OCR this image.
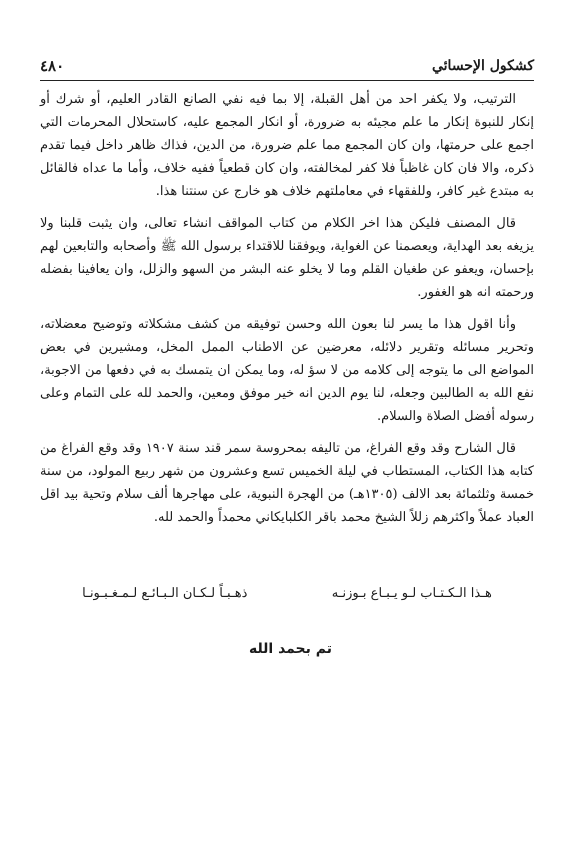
٤٨٠	كشكول الإحسائي

الترتيب، ولا يكفر احد من أهل القبلة، إلا بما فيه نفي الصانع القادر العليم، أو شرك أو إنكار للنبوة إنكار ما علم مجيئه به ضرورة، أو انكار المجمع عليه، كاستحلال المحرمات التي اجمع على حرمتها، وان كان المجمع مما علم ضرورة، من الدين، فذاك ظاهر داخل فيما تقدم ذكره، والا فان كان غاظباً فلا كفر لمخالفته، وان كان قطعياً ففيه خلاف، وأما ما عداه فالقائل به مبتدع غير كافر، وللفقهاء في معاملتهم خلاف هو خارج عن سنتنا هذا.

قال المصنف فليكن هذا اخر الكلام من كتاب المواقف انشاء تعالى، وان يثبت قلبنا ولا يزيغه بعد الهداية، ويعصمنا عن الغواية، ويوفقنا للاقتداء برسول الله ﷺ وأصحابه والتابعين لهم بإحسان، ويعفو عن طغيان القلم وما لا يخلو عنه البشر من السهو والزلل، وان يعافينا بفضله ورحمته انه هو الغفور.

وأنا اقول هذا ما يسر لنا بعون الله وحسن توفيقه من كشف مشكلاته وتوضيح معضلاته، وتحرير مسائله وتقرير دلائله، معرضين عن الاطناب الممل المخل، ومشيرين في بعض المواضع الى ما يتوجه إلى كلامه من لا سؤ له، وما يمكن ان يتمسك به في دفعها من الاجوبة، نفع الله به الطالبين وجعله، لنا يوم الدين انه خير موفق ومعين، والحمد لله على التمام وعلى رسوله أفضل الصلاة والسلام.

قال الشارح وقد وقع الفراغ، من تاليفه بمحروسة سمر قند سنة ١٩٠٧ وقد وقع الفراغ من كتابه هذا الكتاب، المستطاب في ليلة الخميس تسع وعشرون من شهر ربيع المولود، من سنة خمسة وثلثمائة بعد الالف (١٣٠٥هـ) من الهجرة النبوية، على مهاجرها ألف سلام وتحية بيد اقل العباد عملاً واكثرهم زللاً الشيخ محمد باقر الكلبايكاني محمداً والحمد لله.

هـذا الـكـتـاب لـو يـبـاع بـوزنـه
ذهـبـاً لـكـان الـبـائـع لـمـغـبـونـا
تم بحمد الله
